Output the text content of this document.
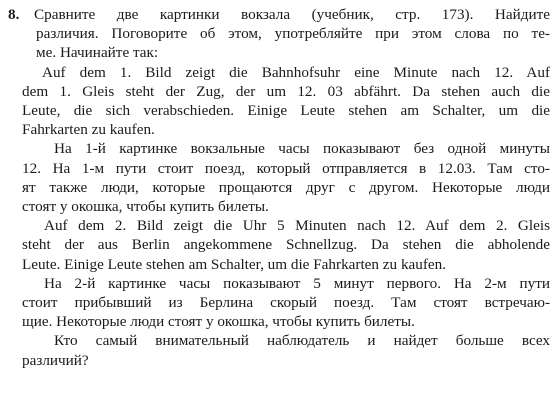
8. Сравните две картинки вокзала (учебник, стр. 173). Найдите
различия. Поговорите об этом, употребляйте при этом слова по те-
ме. Начинайте так:
Auf dem 1. Bild zeigt die Bahnhofsuhr eine Minute nach 12. Auf
dem 1. Gleis steht der Zug, der um 12. 03 abfährt. Da stehen auch die
Leute, die sich verabschieden. Einige Leute stehen am Schalter, um die
Fahrkarten zu kaufen.
На 1-й картинке вокзальные часы показывают без одной минуты
12. На 1-м пути стоит поезд, который отправляется в 12.03. Там сто-
ят также люди, которые прощаются друг с другом. Некоторые люди
стоят у окошка, чтобы купить билеты.
Auf dem 2. Bild zeigt die Uhr 5 Minuten nach 12. Auf dem 2. Gleis
steht der aus Berlin angekommene Schnellzug. Da stehen die abholende
Leute. Einige Leute stehen am Schalter, um die Fahrkarten zu kaufen.
На 2-й картинке часы показывают 5 минут первого. На 2-м пути
стоит прибывший из Берлина скорый поезд. Там стоят встречаю-
щие. Некоторые люди стоят у окошка, чтобы купить билеты.
Кто самый внимательный наблюдатель и найдет больше всех
различий?
